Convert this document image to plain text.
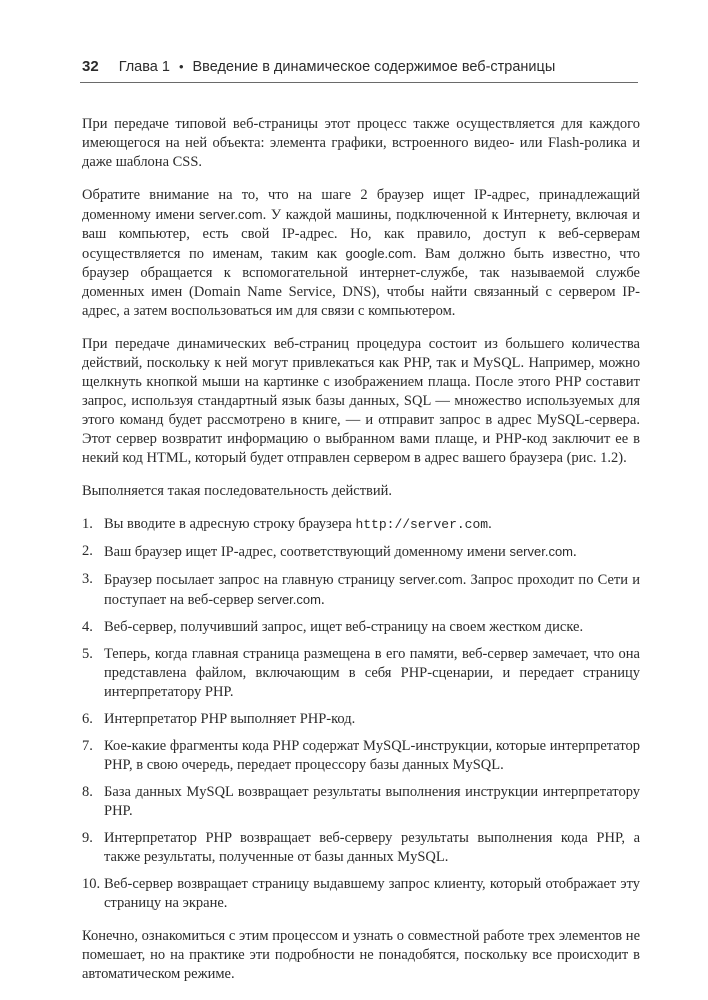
32 Глава 1 • Введение в динамическое содержимое веб-страницы

При передаче типовой веб-страницы этот процесс также осуществляется для каждого имеющегося на ней объекта: элемента графики, встроенного видео- или Flash-ролика и даже шаблона CSS.

Обратите внимание на то, что на шаге 2 браузер ищет IP-адрес, принадлежащий доменному имени server.com. У каждой машины, подключенной к Интернету, включая и ваш компьютер, есть свой IP-адрес. Но, как правило, доступ к веб-серверам осуществляется по именам, таким как google.com. Вам должно быть известно, что браузер обращается к вспомогательной интернет-службе, так называемой службе доменных имен (Domain Name Service, DNS), чтобы найти связанный с сервером IP-адрес, а затем воспользоваться им для связи с компьютером.

При передаче динамических веб-страниц процедура состоит из большего количества действий, поскольку к ней могут привлекаться как PHP, так и MySQL. Например, можно щелкнуть кнопкой мыши на картинке с изображением плаща. После этого PHP составит запрос, используя стандартный язык базы данных, SQL — множество используемых для этого команд будет рассмотрено в книге, — и отправит запрос в адрес MySQL-сервера. Этот сервер возвратит информацию о выбранном вами плаще, и PHP-код заключит ее в некий код HTML, который будет отправлен сервером в адрес вашего браузера (рис. 1.2).

Выполняется такая последовательность действий.

1. Вы вводите в адресную строку браузера http://server.com.
2. Ваш браузер ищет IP-адрес, соответствующий доменному имени server.com.
3. Браузер посылает запрос на главную страницу server.com. Запрос проходит по Сети и поступает на веб-сервер server.com.
4. Веб-сервер, получивший запрос, ищет веб-страницу на своем жестком диске.
5. Теперь, когда главная страница размещена в его памяти, веб-сервер замечает, что она представлена файлом, включающим в себя PHP-сценарии, и передает страницу интерпретатору PHP.
6. Интерпретатор PHP выполняет PHP-код.
7. Кое-какие фрагменты кода PHP содержат MySQL-инструкции, которые интерпретатор PHP, в свою очередь, передает процессору базы данных MySQL.
8. База данных MySQL возвращает результаты выполнения инструкции интерпретатору PHP.
9. Интерпретатор PHP возвращает веб-серверу результаты выполнения кода PHP, а также результаты, полученные от базы данных MySQL.
10. Веб-сервер возвращает страницу выдавшему запрос клиенту, который отображает эту страницу на экране.

Конечно, ознакомиться с этим процессом и узнать о совместной работе трех элементов не помешает, но на практике эти подробности не понадобятся, поскольку все происходит в автоматическом режиме.
